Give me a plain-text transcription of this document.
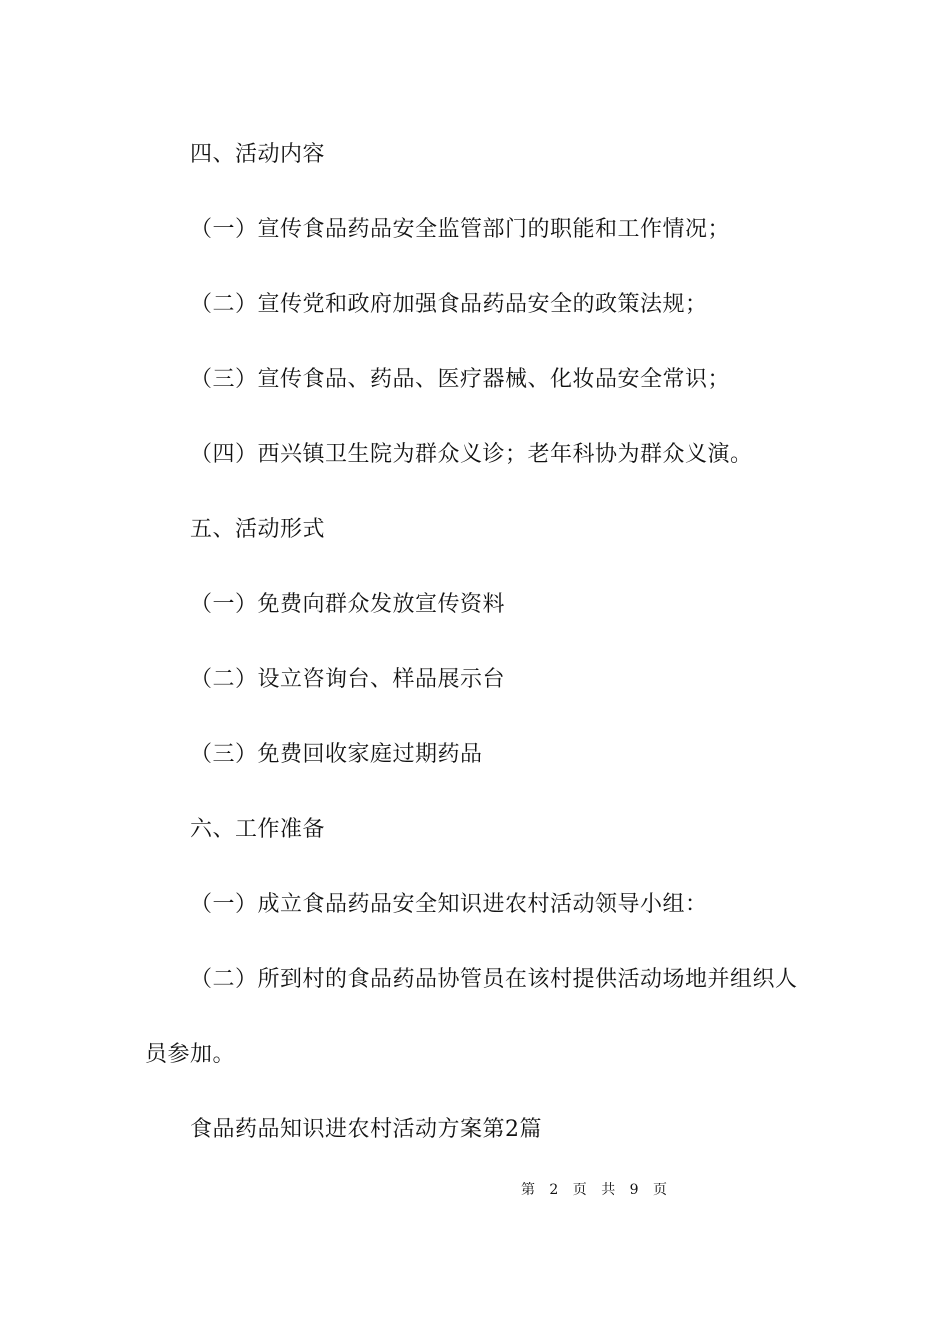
四、活动内容
（一）宣传食品药品安全监管部门的职能和工作情况；
（二）宣传党和政府加强食品药品安全的政策法规；
（三）宣传食品、药品、医疗器械、化妆品安全常识；
（四）西兴镇卫生院为群众义诊；老年科协为群众义演。
五、活动形式
（一）免费向群众发放宣传资料
（二）设立咨询台、样品展示台
（三）免费回收家庭过期药品
六、工作准备
（一）成立食品药品安全知识进农村活动领导小组：
（二）所到村的食品药品协管员在该村提供活动场地并组织人
员参加。
食品药品知识进农村活动方案第2篇
第 2 页 共 9 页
